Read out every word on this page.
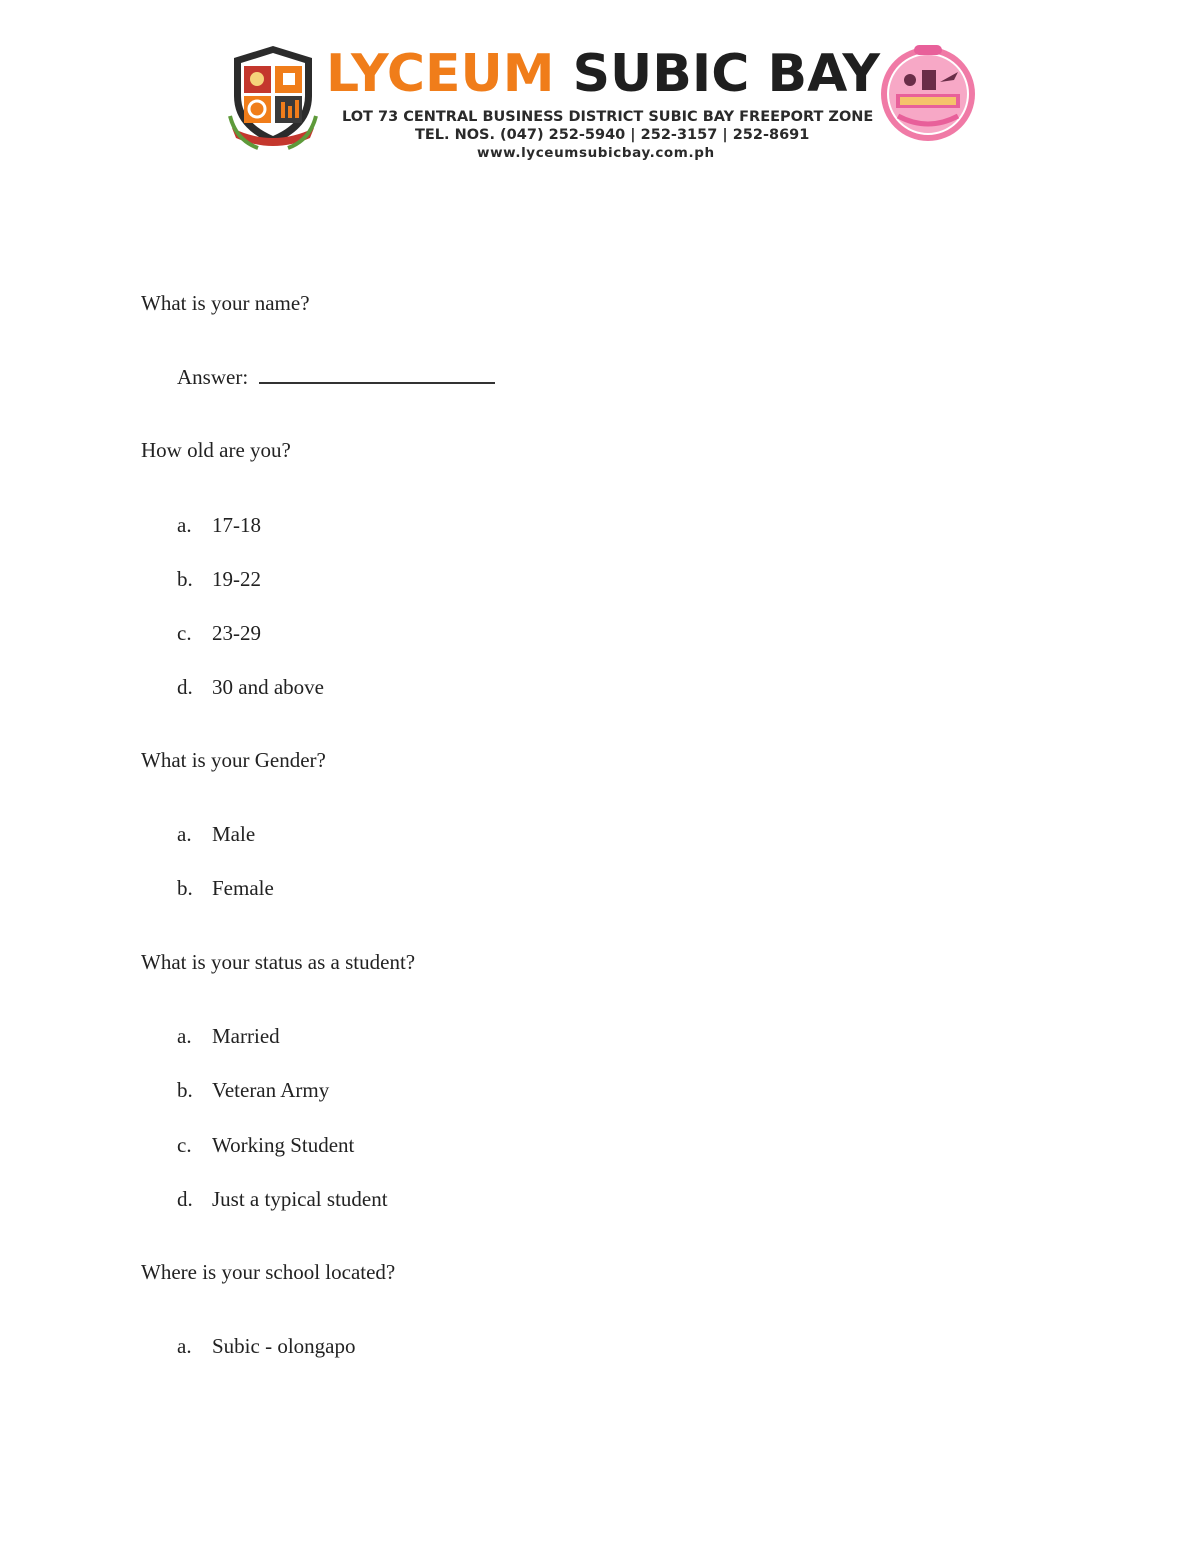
LYCEUM SUBIC BAY
LOT 73 CENTRAL BUSINESS DISTRICT SUBIC BAY FREEPORT ZONE
TEL. NOS. (047) 252-5940 | 252-3157 | 252-8691
www.lyceumsubicbay.com.ph

What is your name?

Answer:

How old are you?

a. 17-18
b. 19-22
c. 23-29
d. 30 and above

What is your Gender?

a. Male
b. Female

What is your status as a student?

a. Married
b. Veteran Army
c. Working Student
d. Just a typical student

Where is your school located?

a. Subic - olongapo
